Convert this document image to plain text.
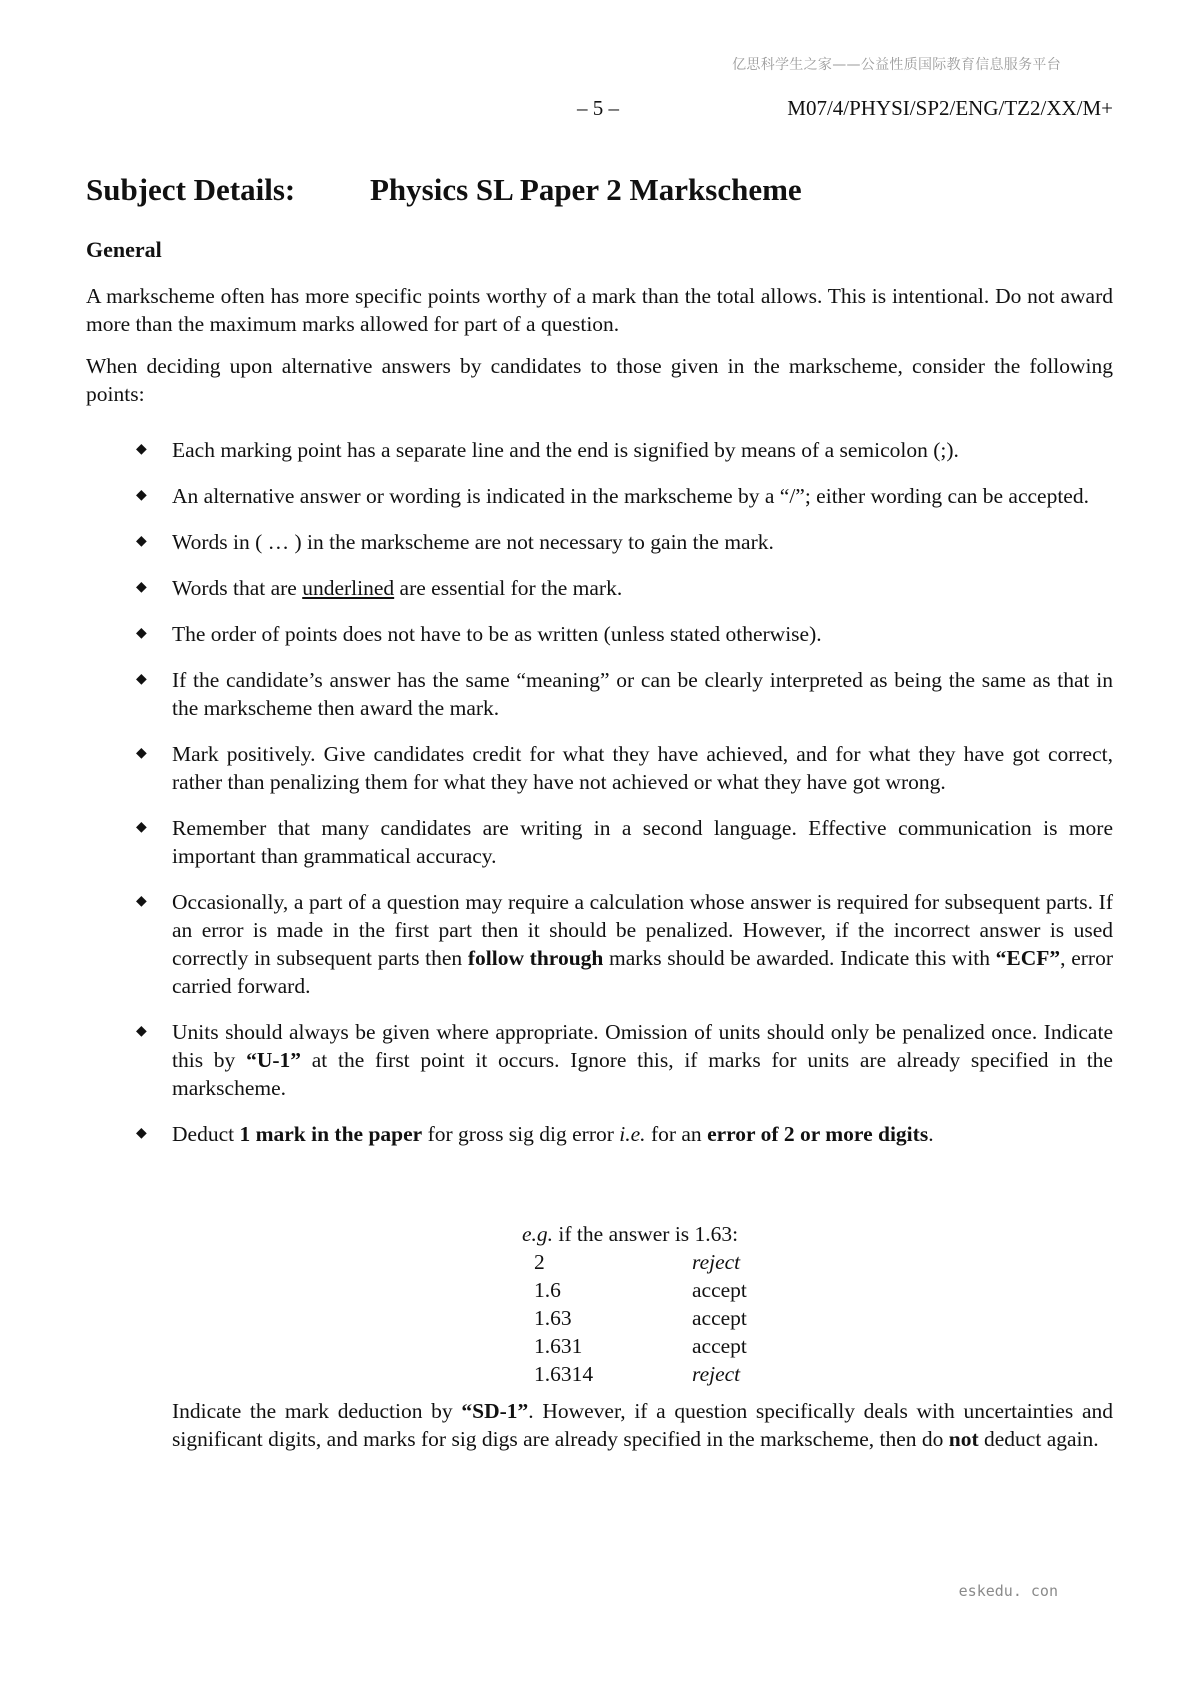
亿思科学生之家——公益性质国际教育信息服务平台
– 5 –	M07/4/PHYSI/SP2/ENG/TZ2/XX/M+
Subject Details: Physics SL Paper 2 Markscheme
General
A markscheme often has more specific points worthy of a mark than the total allows. This is intentional. Do not award more than the maximum marks allowed for part of a question.
When deciding upon alternative answers by candidates to those given in the markscheme, consider the following points:
◆ Each marking point has a separate line and the end is signified by means of a semicolon (;).
◆ An alternative answer or wording is indicated in the markscheme by a “/”; either wording can be accepted.
◆ Words in ( … ) in the markscheme are not necessary to gain the mark.
◆ Words that are underlined are essential for the mark.
◆ The order of points does not have to be as written (unless stated otherwise).
◆ If the candidate’s answer has the same “meaning” or can be clearly interpreted as being the same as that in the markscheme then award the mark.
◆ Mark positively. Give candidates credit for what they have achieved, and for what they have got correct, rather than penalizing them for what they have not achieved or what they have got wrong.
◆ Remember that many candidates are writing in a second language. Effective communication is more important than grammatical accuracy.
◆ Occasionally, a part of a question may require a calculation whose answer is required for subsequent parts. If an error is made in the first part then it should be penalized. However, if the incorrect answer is used correctly in subsequent parts then follow through marks should be awarded. Indicate this with “ECF”, error carried forward.
◆ Units should always be given where appropriate. Omission of units should only be penalized once. Indicate this by “U-1” at the first point it occurs. Ignore this, if marks for units are already specified in the markscheme.
◆ Deduct 1 mark in the paper for gross sig dig error i.e. for an error of 2 or more digits.
e.g. if the answer is 1.63:
2	reject
1.6	accept
1.63	accept
1.631	accept
1.6314	reject
Indicate the mark deduction by “SD-1”. However, if a question specifically deals with uncertainties and significant digits, and marks for sig digs are already specified in the markscheme, then do not deduct again.
eskedu. con
